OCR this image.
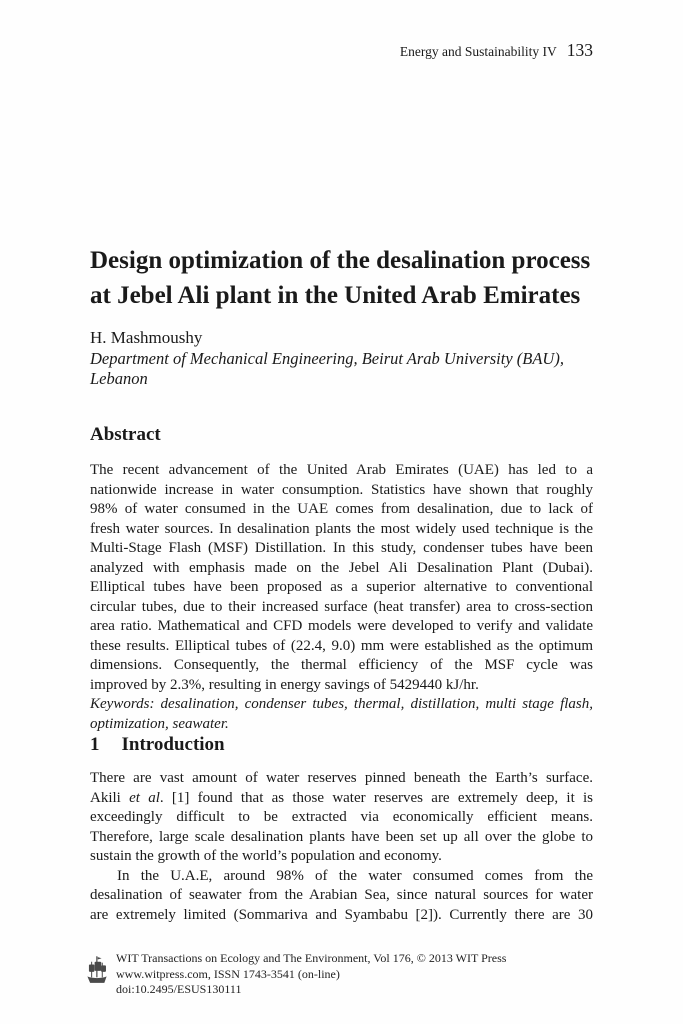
Energy and Sustainability IV 133
Design optimization of the desalination process
at Jebel Ali plant in the United Arab Emirates
H. Mashmoushy
Department of Mechanical Engineering, Beirut Arab University (BAU),
Lebanon
Abstract
The recent advancement of the United Arab Emirates (UAE) has led to a
nationwide increase in water consumption. Statistics have shown that roughly
98% of water consumed in the UAE comes from desalination, due to lack of
fresh water sources. In desalination plants the most widely used technique is the
Multi-Stage Flash (MSF) Distillation. In this study, condenser tubes have been
analyzed with emphasis made on the Jebel Ali Desalination Plant (Dubai).
Elliptical tubes have been proposed as a superior alternative to conventional
circular tubes, due to their increased surface (heat transfer) area to cross-section
area ratio. Mathematical and CFD models were developed to verify and validate
these results. Elliptical tubes of (22.4, 9.0) mm were established as the optimum
dimensions. Consequently, the thermal efficiency of the MSF cycle was
improved by 2.3%, resulting in energy savings of 5429440 kJ/hr.
Keywords: desalination, condenser tubes, thermal, distillation, multi stage flash,
optimization, seawater.
1 Introduction
There are vast amount of water reserves pinned beneath the Earth’s surface.
Akili et al. [1] found that as those water reserves are extremely deep, it is
exceedingly difficult to be extracted via economically efficient means.
Therefore, large scale desalination plants have been set up all over the globe to
sustain the growth of the world’s population and economy.
In the U.A.E, around 98% of the water consumed comes from the
desalination of seawater from the Arabian Sea, since natural sources for water
are extremely limited (Sommariva and Syambabu [2]). Currently there are 30
WIT Transactions on Ecology and The Environment, Vol 176, © 2013 WIT Press
www.witpress.com, ISSN 1743-3541 (on-line)
doi:10.2495/ESUS130111
